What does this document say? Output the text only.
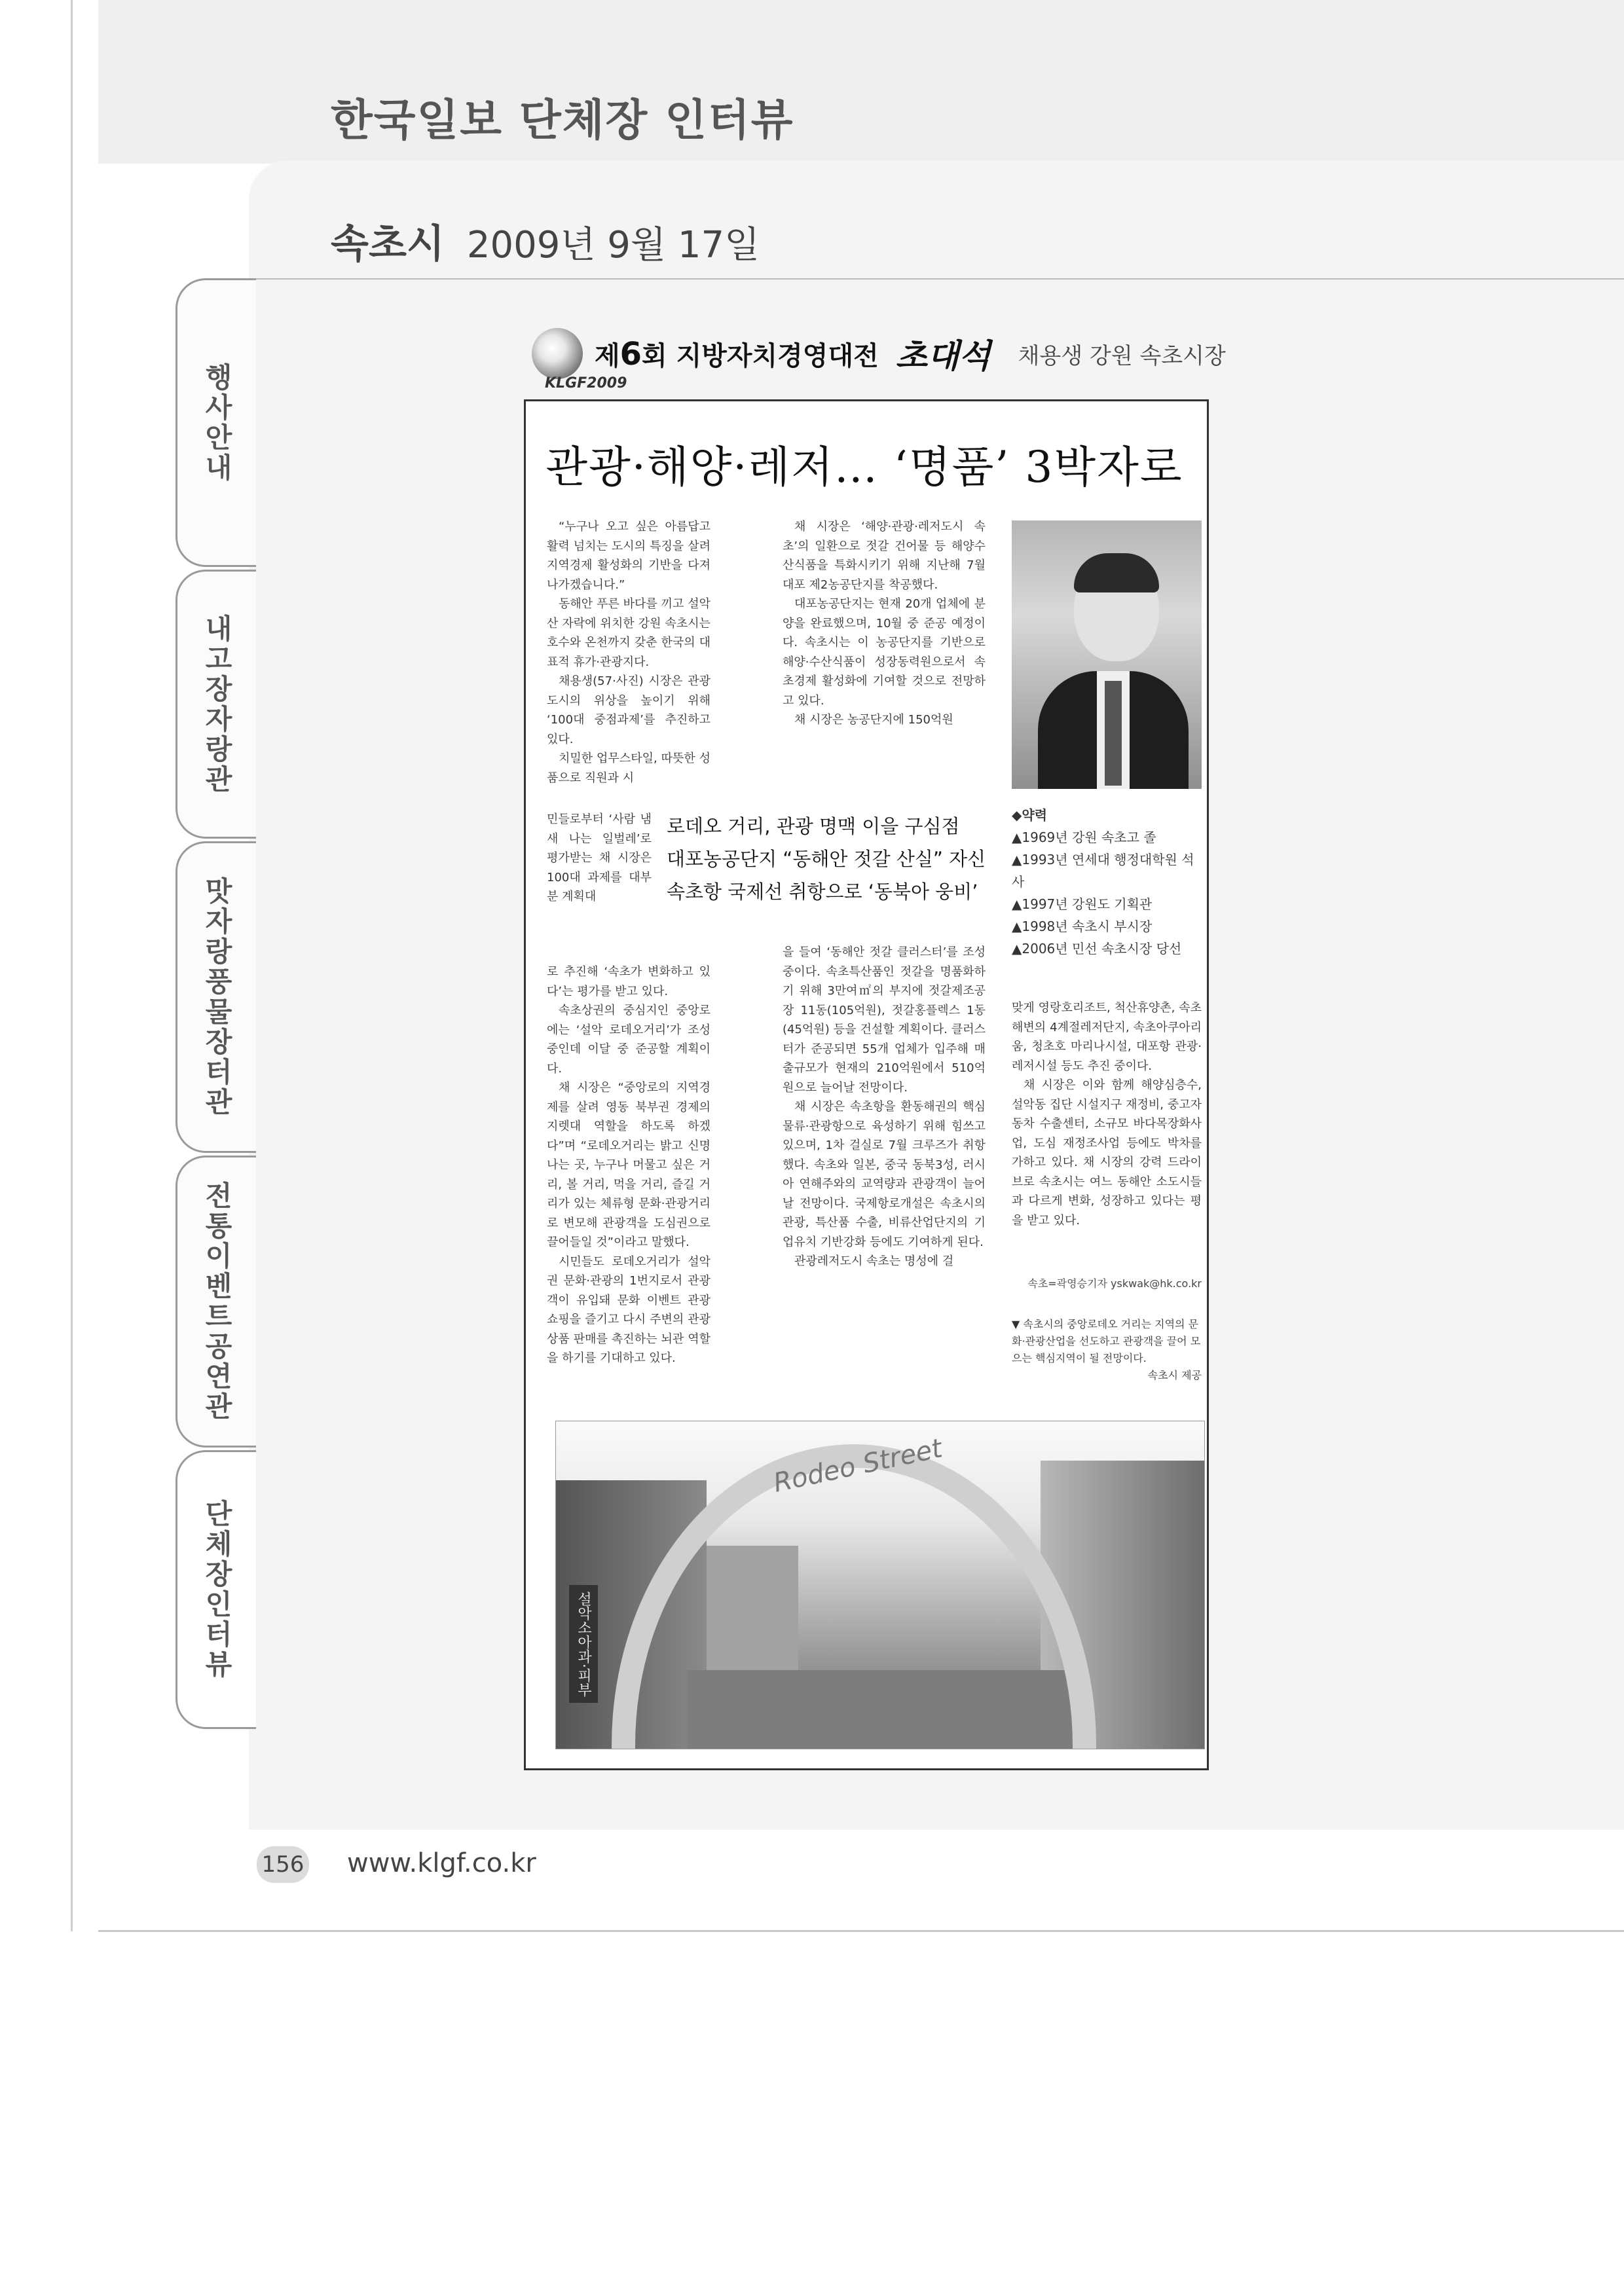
한국일보 단체장 인터뷰
속초시 2009년 9월 17일
행사안내
내고장자랑관
맛자랑풍물장터관
전통이벤트공연관
단체장인터뷰
KLGF2009
제6회 지방자치경영대전 초대석 채용생 강원 속초시장
관광·해양·레저… ‘명품’ 3박자로

“누구나 오고 싶은 아름답고 활력 넘치는 도시의 특징을 살려 지역경제 활성화의 기반을 다져 나가겠습니다.”

동해안 푸른 바다를 끼고 설악산 자락에 위치한 강원 속초시는 호수와 온천까지 갖춘 한국의 대표적 휴가·관광지다.

채용생(57·사진) 시장은 관광도시의 위상을 높이기 위해 ‘100대 중점과제’를 추진하고 있다.

치밀한 업무스타일, 따뜻한 성품으로 직원과 시

민들로부터 ‘사람 냄새 나는 일벌레’로 평가받는 채 시장은 100대 과제를 대부분 계획대

로 추진해 ‘속초가 변화하고 있다’는 평가를 받고 있다.

속초상권의 중심지인 중앙로에는 ‘설악 로데오거리’가 조성 중인데 이달 중 준공할 계획이다.

채 시장은 “중앙로의 지역경제를 살려 영동 북부권 경제의 지렛대 역할을 하도록 하겠다”며 “로데오거리는 밝고 신명나는 곳, 누구나 머물고 싶은 거리, 볼 거리, 먹을 거리, 즐길 거리가 있는 체류형 문화·관광거리로 변모해 관광객을 도심권으로 끌어들일 것”이라고 말했다.

시민들도 로데오거리가 설악권 문화·관광의 1번지로서 관광객이 유입돼 문화 이벤트 관광 쇼핑을 즐기고 다시 주변의 관광상품 판매를 촉진하는 뇌관 역할을 하기를 기대하고 있다.

채 시장은 ‘해양·관광·레저도시 속초’의 일환으로 젓갈 건어물 등 해양수산식품을 특화시키기 위해 지난해 7월 대포 제2농공단지를 착공했다.

대포농공단지는 현재 20개 업체에 분양을 완료했으며, 10월 중 준공 예정이다. 속초시는 이 농공단지를 기반으로 해양·수산식품이 성장동력원으로서 속초경제 활성화에 기여할 것으로 전망하고 있다.

채 시장은 농공단지에 150억원

로데오 거리, 관광 명맥 이을 구심점
대포농공단지 “동해안 젓갈 산실” 자신
속초항 국제선 취항으로 ‘동북아 웅비’

을 들여 ‘동해안 젓갈 클러스터’를 조성 중이다. 속초특산품인 젓갈을 명품화하기 위해 3만여㎡의 부지에 젓갈제조공장 11동(105억원), 젓갈홍플렉스 1동(45억원) 등을 건설할 계획이다. 클러스터가 준공되면 55개 업체가 입주해 매출규모가 현재의 210억원에서 510억원으로 늘어날 전망이다.

채 시장은 속초항을 환동해권의 핵심 물류·관광항으로 육성하기 위해 힘쓰고 있으며, 1차 걸실로 7월 크루즈가 취항했다. 속초와 일본, 중국 동북3성, 러시아 연해주와의 교역량과 관광객이 늘어날 전망이다. 국제항로개설은 속초시의 관광, 특산품 수출, 비류산업단지의 기업유치 기반강화 등에도 기여하게 된다.

관광레저도시 속초는 명성에 걸

◆약력
▲1969년 강원 속초고 졸
▲1993년 연세대 행정대학원 석사
▲1997년 강원도 기획관
▲1998년 속초시 부시장
▲2006년 민선 속초시장 당선

맞게 영랑호리조트, 척산휴양촌, 속초해변의 4계절레저단지, 속초아쿠아리움, 청초호 마리나시설, 대포항 관광·레저시설 등도 추진 중이다.

채 시장은 이와 함께 해양심층수, 설악동 집단 시설지구 재정비, 중고자동차 수출센터, 소규모 바다목장화사업, 도심 재정조사업 등에도 박차를 가하고 있다. 채 시장의 강력 드라이브로 속초시는 여느 동해안 소도시들과 다르게 변화, 성장하고 있다는 평을 받고 있다.

속초=곽영승기자 yskwak@hk.co.kr
▼ 속초시의 중앙로데오 거리는 지역의 문화·관광산업을 선도하고 관광객을 끌어 모으는 핵심지역이 될 전망이다.
속초시 제공
Rodeo Street
설악소아과·피부
156 www.klgf.co.kr
